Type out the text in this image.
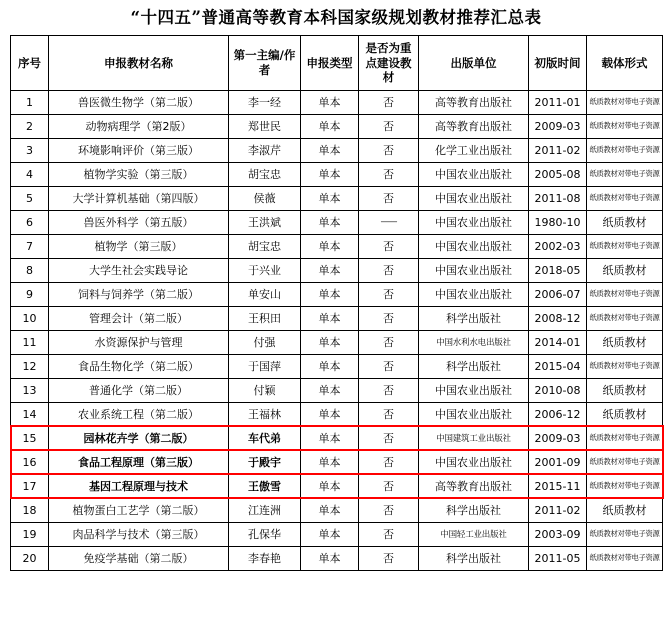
“十四五”普通高等教育本科国家级规划教材推荐汇总表
序号	申报教材名称	第一主编/作者	申报类型	是否为重点建设教材	出版单位	初版时间	载体形式
1	兽医微生物学（第二版）	李一经	单本	否	高等教育出版社	2011-01	纸质教材对带电子资源
2	动物病理学（第2版）	郑世民	单本	否	高等教育出版社	2009-03	纸质教材对带电子资源
3	环境影响评价（第三版）	李淑芹	单本	否	化学工业出版社	2011-02	纸质教材对带电子资源
4	植物学实验（第三版）	胡宝忠	单本	否	中国农业出版社	2005-08	纸质教材对带电子资源
5	大学计算机基础（第四版）	侯薇	单本	否	中国农业出版社	2011-08	纸质教材对带电子资源
6	兽医外科学（第五版）	王洪斌	单本	——	中国农业出版社	1980-10	纸质教材
7	植物学（第三版）	胡宝忠	单本	否	中国农业出版社	2002-03	纸质教材对带电子资源
8	大学生社会实践导论	于兴业	单本	否	中国农业出版社	2018-05	纸质教材
9	饲料与饲养学（第二版）	单安山	单本	否	中国农业出版社	2006-07	纸质教材对带电子资源
10	管理会计（第二版）	王积田	单本	否	科学出版社	2008-12	纸质教材对带电子资源
11	水资源保护与管理	付强	单本	否	中国水利水电出版社	2014-01	纸质教材
12	食品生物化学（第二版）	于国萍	单本	否	科学出版社	2015-04	纸质教材对带电子资源
13	普通化学（第二版）	付颖	单本	否	中国农业出版社	2010-08	纸质教材
14	农业系统工程（第二版）	王福林	单本	否	中国农业出版社	2006-12	纸质教材
15	园林花卉学（第二版）	车代弟	单本	否	中国建筑工业出版社	2009-03	纸质教材对带电子资源
16	食品工程原理（第三版）	于殿宇	单本	否	中国农业出版社	2001-09	纸质教材对带电子资源
17	基因工程原理与技术	王傲雪	单本	否	高等教育出版社	2015-11	纸质教材对带电子资源
18	植物蛋白工艺学（第二版）	江连洲	单本	否	科学出版社	2011-02	纸质教材
19	肉品科学与技术（第三版）	孔保华	单本	否	中国轻工业出版社	2003-09	纸质教材对带电子资源
20	免疫学基础（第二版）	李春艳	单本	否	科学出版社	2011-05	纸质教材对带电子资源
